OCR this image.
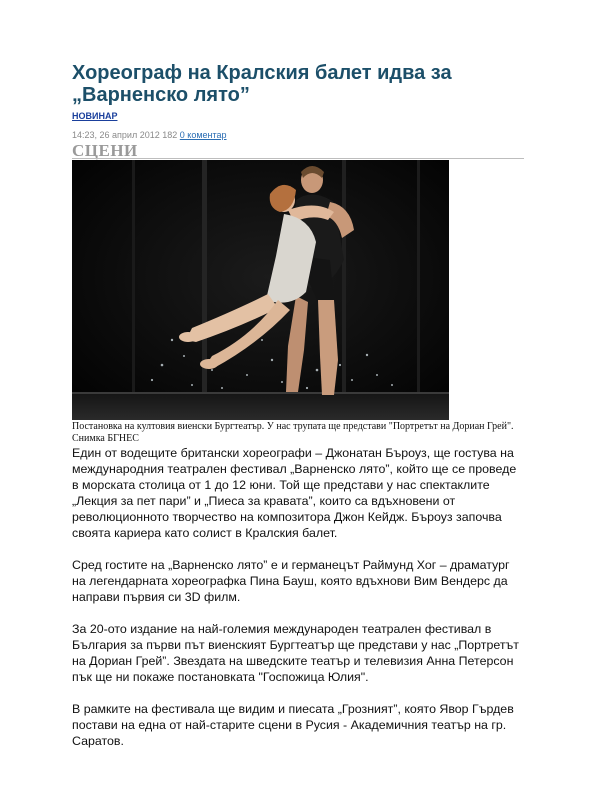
Хореограф на Кралския балет идва за „Варненско лято”
НОВИНАР
14:23, 26 април 2012 182 0 коментар
СЦЕНИ
Постановка на култовия виенски Бургтеатър. У нас трупата ще представи "Портретът на Дориан Грей". Снимка БГНЕС

Един от водещите британски хореографи – Джонатан Бъроуз, ще гостува на международния театрален фестивал „Варненско лято”, който ще се проведе в морската столица от 1 до 12 юни. Той ще представи у нас спектаклите „Лекция за пет пари” и „Пиеса за кравата”, които са вдъхновени от революционното творчество на композитора Джон Кейдж. Бъроуз започва своята кариера като солист в Кралския балет.

Сред гостите на „Варненско лято” е и германецът Раймунд Хог – драматург на легендарната хореографка Пина Бауш, която вдъхнови Вим Вендерс да направи първия си 3D филм.

За 20-ото издание на най-големия международен театрален фестивал в България за първи път виенският Бургтеатър ще представи у нас „Портретът на Дориан Грей”. Звездата на шведските театър и телевизия Анна Петерсон пък ще ни покаже постановката "Госпожица Юлия".

В рамките на фестивала ще видим и пиесата „Грозният”, която Явор Гърдев постави на една от най-старите сцени в Русия - Академичния театър на гр. Саратов.
